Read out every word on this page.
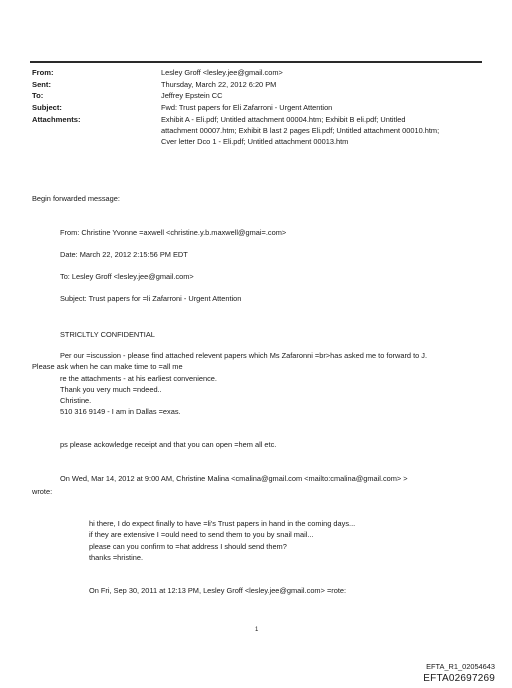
From:	Lesley Groff <lesley.jee@gmail.com>
Sent:	Thursday, March 22, 2012 6:20 PM
To:	Jeffrey Epstein CC
Subject:	Fwd: Trust papers for Eli Zafarroni - Urgent Attention
Attachments:	Exhibit A - Eli.pdf; Untitled attachment 00004.htm; Exhibit B eli.pdf; Untitled
attachment 00007.htm; Exhibit B last 2 pages Eli.pdf; Untitled attachment 00010.htm;
Cver letter Dco 1 - Eli.pdf; Untitled attachment 00013.htm
Begin forwarded message:
From: Christine Yvonne =axwell <christine.y.b.maxwell@gmai=.com>
Date: March 22, 2012 2:15:56 PM EDT
To: Lesley Groff <lesley.jee@gmail.com>
Subject: Trust papers for =li Zafarroni - Urgent Attention
STRICLTLY CONFIDENTIAL
Per our =iscussion - please find attached relevent papers which Ms Zafaronni =br>has asked me to forward to J.
Please ask when he can make time to =all me
re the attachments - at his earliest convenience.
Thank you very much =ndeed..
Christine.
510 316 9149 - I am in Dallas =exas.
ps please ackowledge receipt and that you can open =hem all etc.
On Wed, Mar 14, 2012 at 9:00 AM, Christine Malina <cmalina@gmail.com <mailto:cmalina@gmail.com> >
wrote:
hi there, I do expect finally to have =li's Trust papers in hand in the coming days...
if they are extensive I =ould need to send them to you by snail mail...
please can you confirm to =hat address I should send them?
thanks =hristine.
On Fri, Sep 30, 2011 at 12:13 PM, Lesley Groff <lesley.jee@gmail.com> =rote:
1
EFTA_R1_02054643
EFTA02697269
